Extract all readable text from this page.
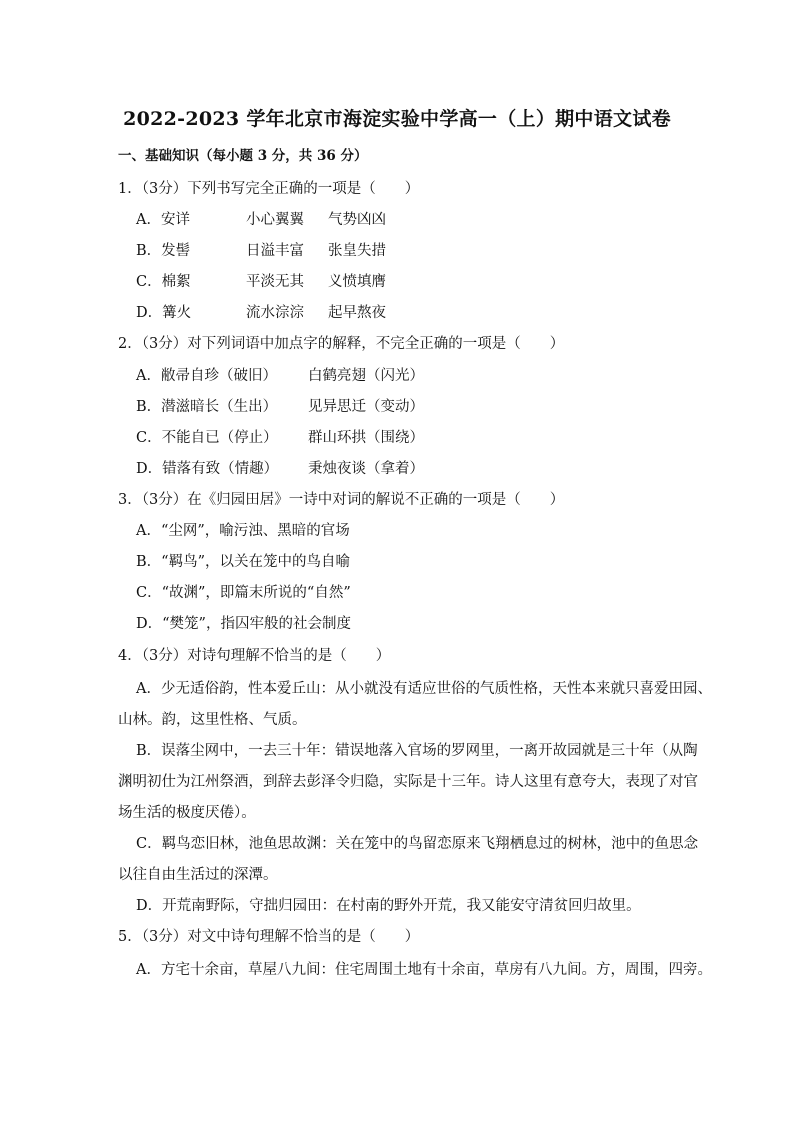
2022-2023 学年北京市海淀实验中学高一（上）期中语文试卷
一、基础知识（每小题 3 分，共 36 分）
1．（3分）下列书写完全正确的一项是（　　）
A．安详	小心翼翼 气势凶凶
B．发髻	日溢丰富 张皇失措
C．棉絮	平淡无其 义愤填膺
D．篝火	流水淙淙 起早熬夜
2．（3分）对下列词语中加点字的解释，不完全正确的一项是（　　）
A．敝帚自珍（破旧） 白鹤亮翅（闪光）
B．潜滋暗长（生出） 见异思迁（变动）
C．不能自已（停止） 群山环拱（围绕）
D．错落有致（情趣） 秉烛夜谈（拿着）
3．（3分）在《归园田居》一诗中对词的解说不正确的一项是（　　）
A．“尘网”，喻污浊、黑暗的官场
B．“羁鸟”，以关在笼中的鸟自喻
C．“故渊”，即篇末所说的“自然”
D．“樊笼”，指囚牢般的社会制度
4．（3分）对诗句理解不恰当的是（　　）
A．少无适俗韵，性本爱丘山：从小就没有适应世俗的气质性格，天性本来就只喜爱田园、
山林。韵，这里性格、气质。
B．误落尘网中，一去三十年：错误地落入官场的罗网里，一离开故园就是三十年（从陶
渊明初仕为江州祭酒，到辞去彭泽令归隐，实际是十三年。诗人这里有意夸大，表现了对官
场生活的极度厌倦）。
C．羁鸟恋旧林，池鱼思故渊：关在笼中的鸟留恋原来飞翔栖息过的树林，池中的鱼思念
以往自由生活过的深潭。
D．开荒南野际，守拙归园田：在村南的野外开荒，我又能安守清贫回归故里。
5．（3分）对文中诗句理解不恰当的是（　　）
A．方宅十余亩，草屋八九间：住宅周围土地有十余亩，草房有八九间。方，周围，四旁。
